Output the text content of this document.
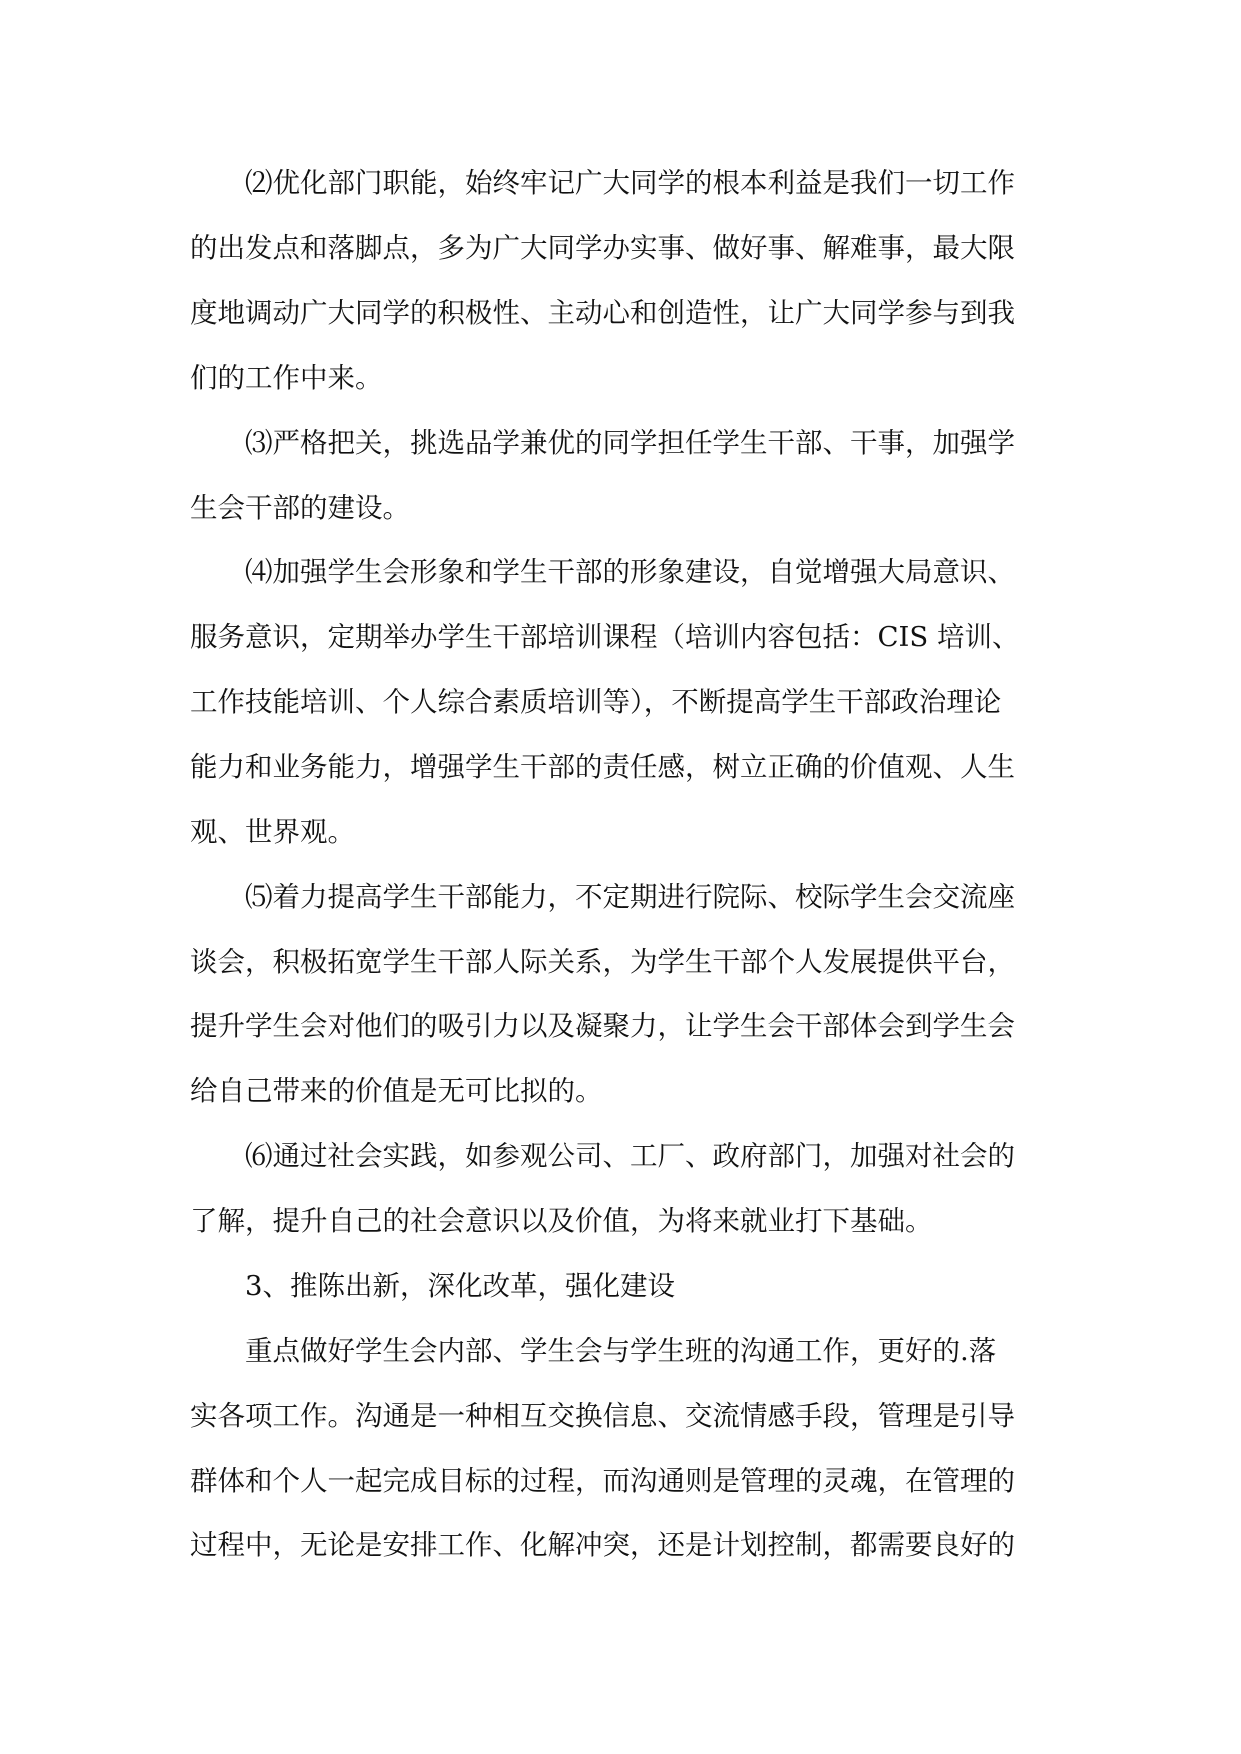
⑵优化部门职能，始终牢记广大同学的根本利益是我们一切工作
的出发点和落脚点，多为广大同学办实事、做好事、解难事，最大限
度地调动广大同学的积极性、主动心和创造性，让广大同学参与到我
们的工作中来。
⑶严格把关，挑选品学兼优的同学担任学生干部、干事，加强学
生会干部的建设。
⑷加强学生会形象和学生干部的形象建设，自觉增强大局意识、
服务意识，定期举办学生干部培训课程（培训内容包括：CIS 培训、
工作技能培训、个人综合素质培训等），不断提高学生干部政治理论
能力和业务能力，增强学生干部的责任感，树立正确的价值观、人生
观、世界观。
⑸着力提高学生干部能力，不定期进行院际、校际学生会交流座
谈会，积极拓宽学生干部人际关系，为学生干部个人发展提供平台，
提升学生会对他们的吸引力以及凝聚力，让学生会干部体会到学生会
给自己带来的价值是无可比拟的。
⑹通过社会实践，如参观公司、工厂、政府部门，加强对社会的
了解，提升自己的社会意识以及价值，为将来就业打下基础。
3、推陈出新，深化改革，强化建设
重点做好学生会内部、学生会与学生班的沟通工作，更好的.落
实各项工作。沟通是一种相互交换信息、交流情感手段，管理是引导
群体和个人一起完成目标的过程，而沟通则是管理的灵魂，在管理的
过程中，无论是安排工作、化解冲突，还是计划控制，都需要良好的
